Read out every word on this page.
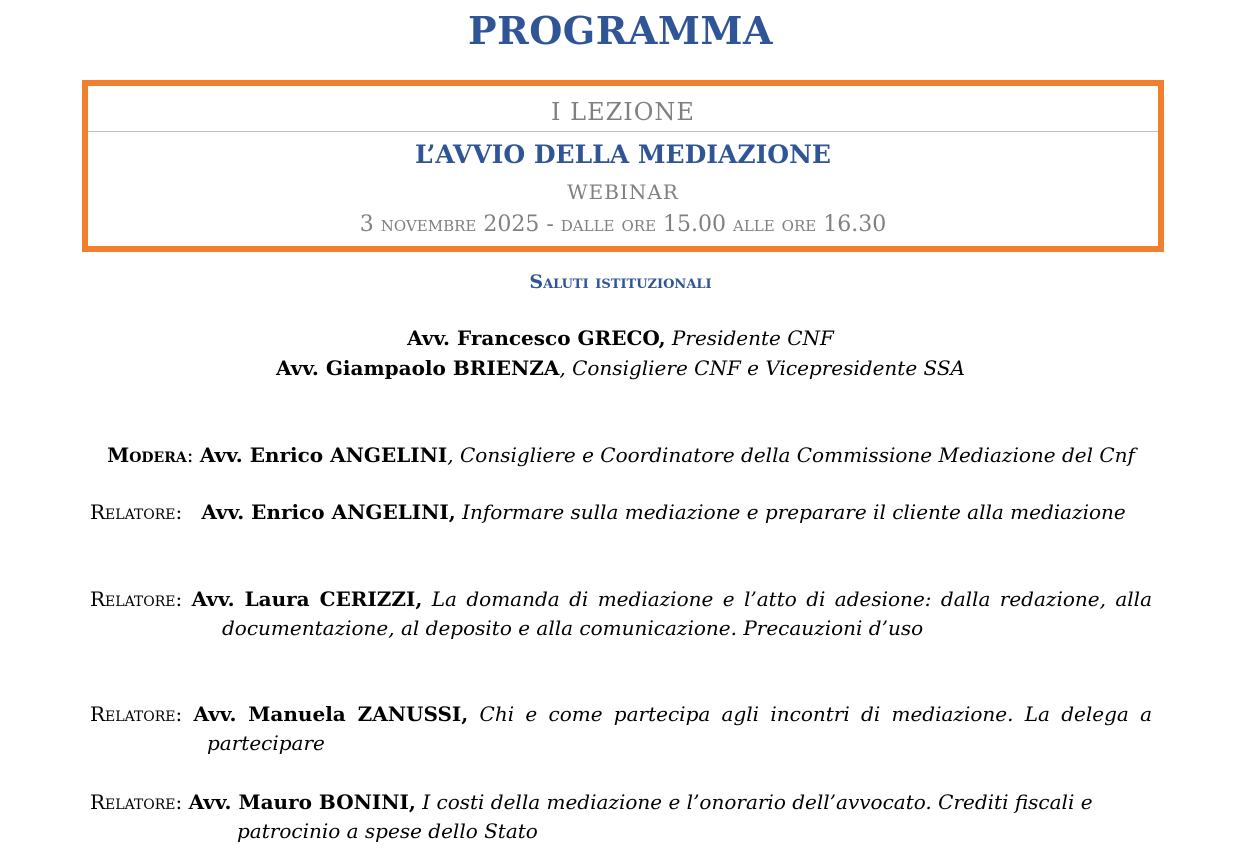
PROGRAMMA
I LEZIONE
L’AVVIO DELLA MEDIAZIONE
WEBINAR
3 novembre 2025 - dalle ore 15.00 alle ore 16.30
Saluti istituzionali
Avv. Francesco GRECO, Presidente CNF
Avv. Giampaolo BRIENZA, Consigliere CNF e Vicepresidente SSA
Modera: Avv. Enrico ANGELINI, Consigliere e Coordinatore della Commissione Mediazione del Cnf
Relatore: Avv. Enrico ANGELINI, Informare sulla mediazione e preparare il cliente alla mediazione
Relatore: Avv. Laura CERIZZI, La domanda di mediazione e l’atto di adesione: dalla redazione, alla documentazione, al deposito e alla comunicazione. Precauzioni d’uso
Relatore: Avv. Manuela ZANUSSI, Chi e come partecipa agli incontri di mediazione. La delega a partecipare
Relatore: Avv. Mauro BONINI, I costi della mediazione e l’onorario dell’avvocato. Crediti fiscali e patrocinio a spese dello Stato
